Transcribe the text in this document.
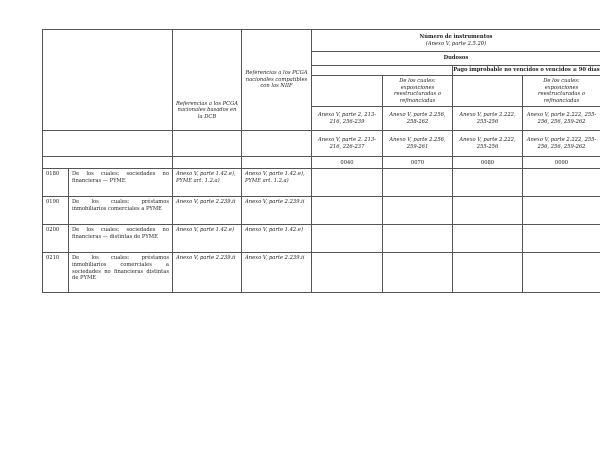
		Referencias a los PCGA nacionales basados en la DCB	Referencias a los PCGA nacionales compatibles con las NIIF	Número de instrumentos
(Anexo V, parte 2.5.20)			

				Dudosos			
						Pago improbable no vencidos o vencidos ≤ 90 días	
					De los cuales: exposiciones reestructuradas o refinanciadas		De los cuales: exposiciones reestructuradas o refinanciadas
				Anexo V, parte 2, 213-216, 256-239	Anexo V, parte 2.256, 258-262	Anexo V, parte 2.222, 255-256	Anexo V, parte 2.222, 255-256, 256, 259-262
				Anexo V, parte 2. 213-216, 226-237	Anexo V, parte 2.256, 259-261	Anexo V, parte 2.222, 255-256	Anexo V, parte 2.222, 255-256, 256, 259-262
				0040	0070	0080	0090
0180	De los cuales: sociedades no financieras — PYME	Anexo V, parte 1.42.e), PYME art. 1.2.a)	Anexo V, parte 1.42.e), PYME art. 1.2.a)				
0190	De los cuales: préstamos inmobiliarios comerciales a PYME	Anexo V, parte 2.239.ii	Anexo V, parte 2.239.ii				
0200	De los cuales: sociedades no financieras — distintas de PYME	Anexo V, parte 1.42.e)	Anexo V, parte 1.42.e)				
0210	De los cuales: préstamos inmobiliarios comerciales a sociedades no financieras distintas de PYME	Anexo V, parte 2.239.ii	Anexo V, parte 2.239.ii				
